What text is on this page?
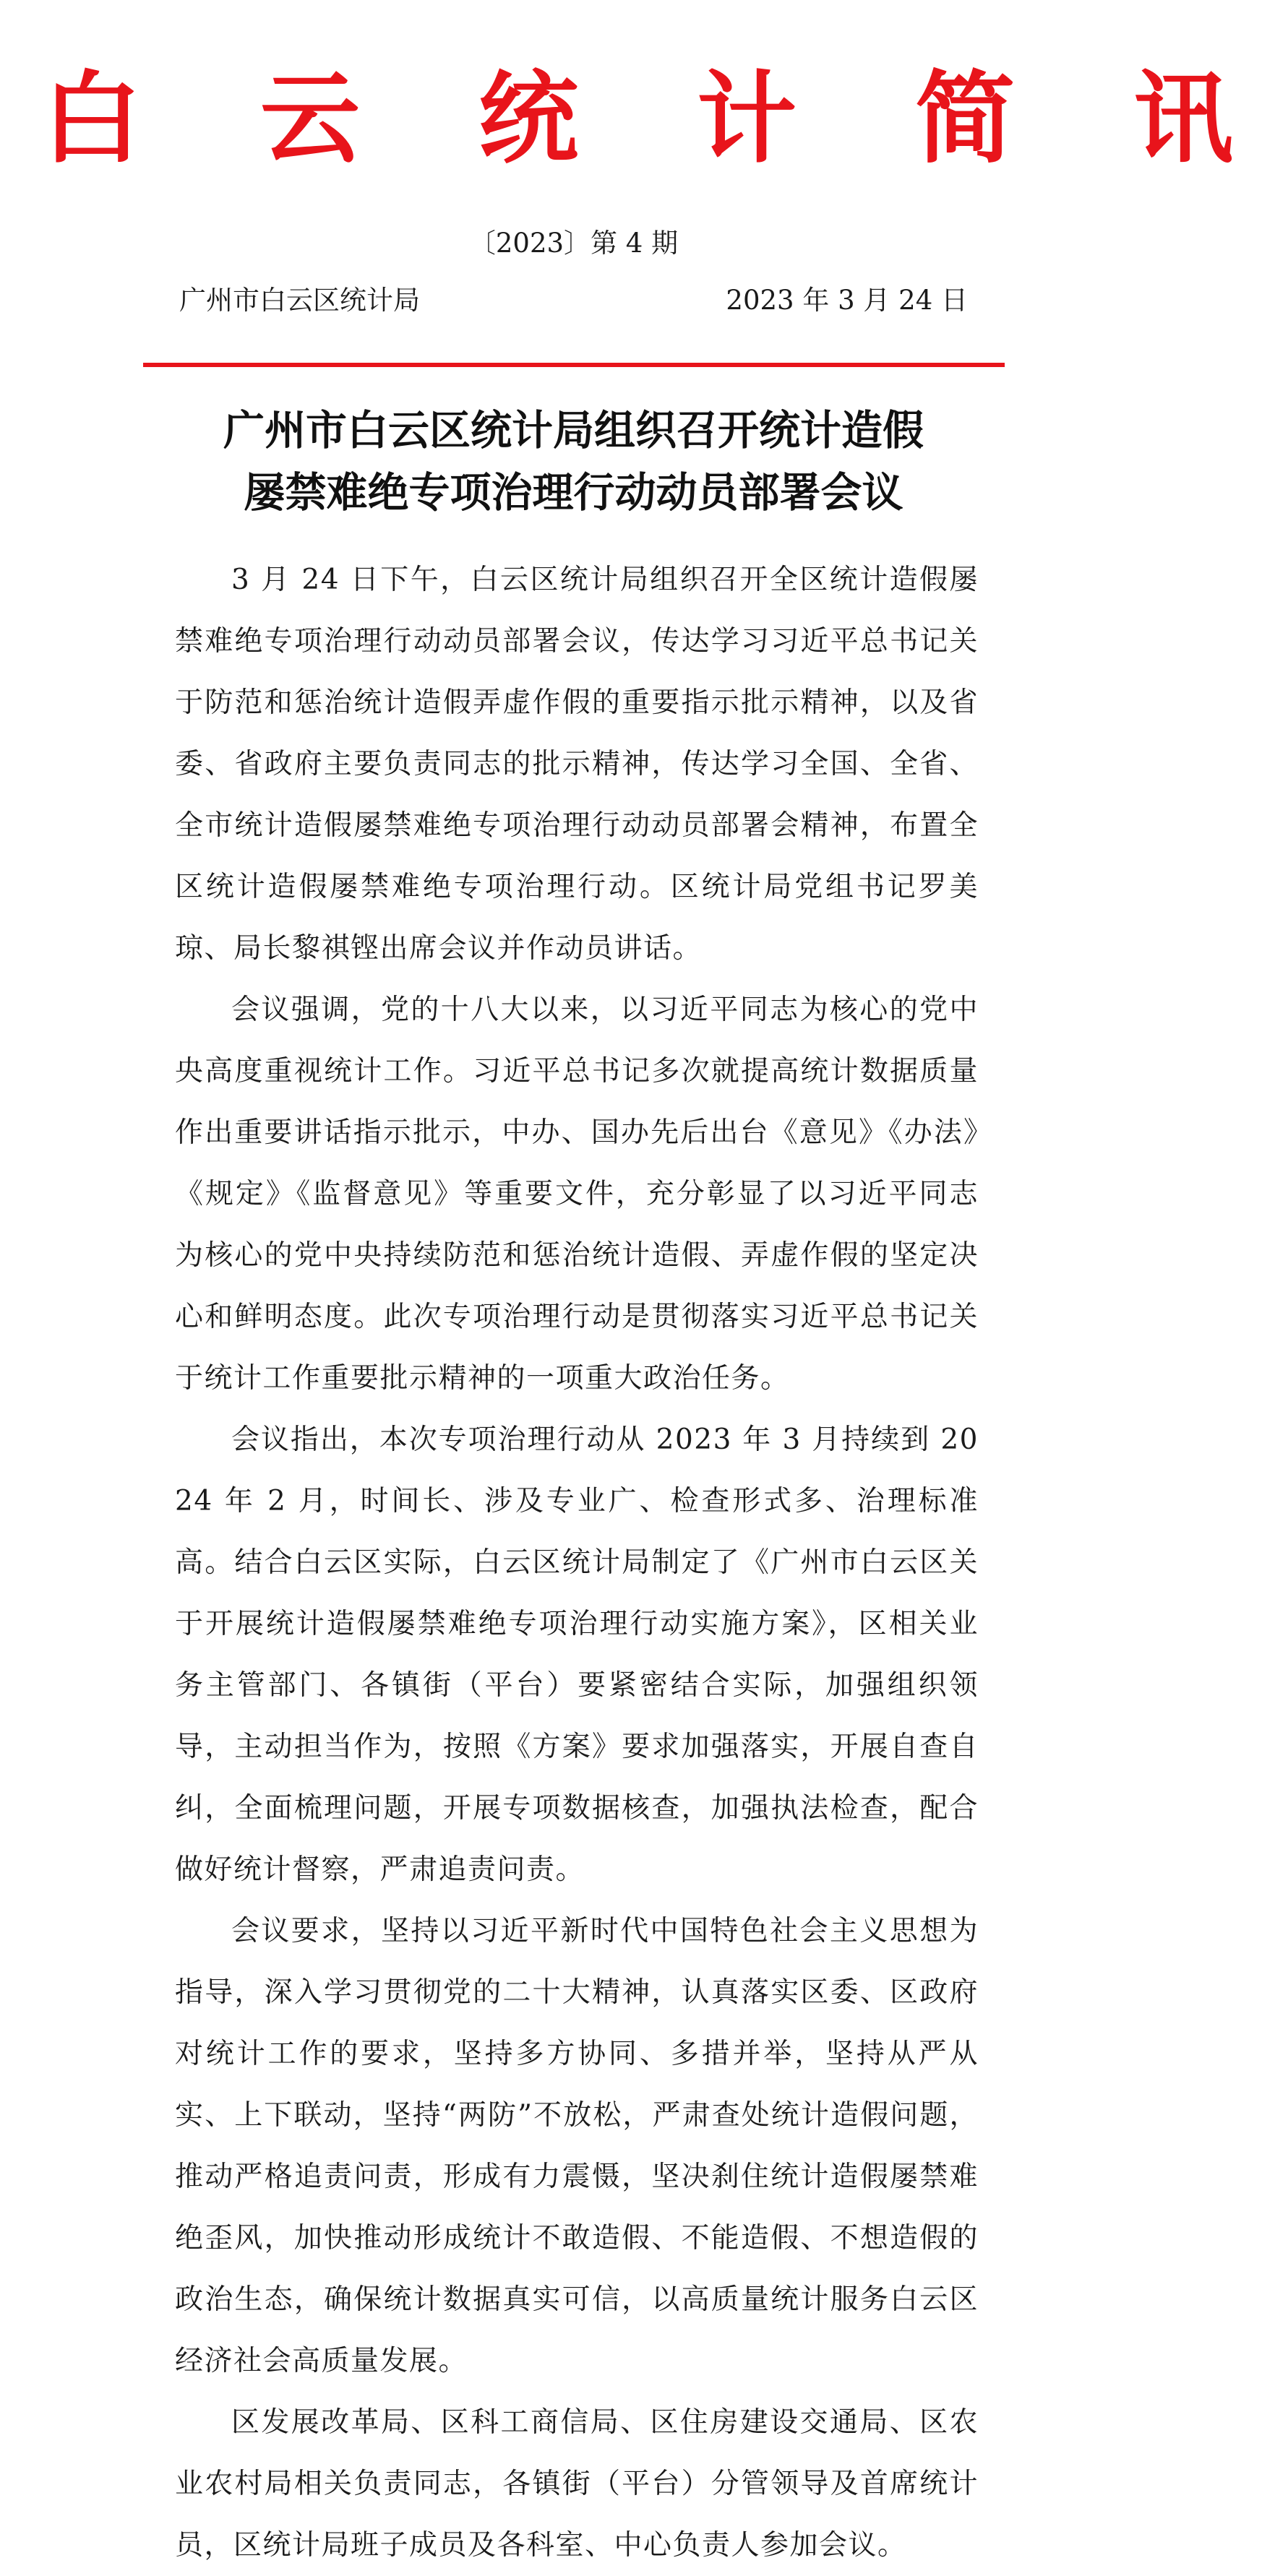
白 云 统 计 简 讯
〔2023〕第 4 期
广州市白云区统计局	2023 年 3 月 24 日
广州市白云区统计局组织召开统计造假
屡禁难绝专项治理行动动员部署会议

3 月 24 日下午，白云区统计局组织召开全区统计造假屡禁难绝专项治理行动动员部署会议，传达学习习近平总书记关于防范和惩治统计造假弄虚作假的重要指示批示精神，以及省委、省政府主要负责同志的批示精神，传达学习全国、全省、全市统计造假屡禁难绝专项治理行动动员部署会精神，布置全区统计造假屡禁难绝专项治理行动。区统计局党组书记罗美琼、局长黎祺铿出席会议并作动员讲话。

会议强调，党的十八大以来，以习近平同志为核心的党中央高度重视统计工作。习近平总书记多次就提高统计数据质量作出重要讲话指示批示，中办、国办先后出台《意见》《办法》《规定》《监督意见》等重要文件，充分彰显了以习近平同志为核心的党中央持续防范和惩治统计造假、弄虚作假的坚定决心和鲜明态度。此次专项治理行动是贯彻落实习近平总书记关于统计工作重要批示精神的一项重大政治任务。

会议指出，本次专项治理行动从 2023 年 3 月持续到 2024 年 2 月，时间长、涉及专业广、检查形式多、治理标准高。结合白云区实际，白云区统计局制定了《广州市白云区关于开展统计造假屡禁难绝专项治理行动实施方案》，区相关业务主管部门、各镇街（平台）要紧密结合实际，加强组织领导，主动担当作为，按照《方案》要求加强落实，开展自查自纠，全面梳理问题，开展专项数据核查，加强执法检查，配合做好统计督察，严肃追责问责。

会议要求，坚持以习近平新时代中国特色社会主义思想为指导，深入学习贯彻党的二十大精神，认真落实区委、区政府对统计工作的要求，坚持多方协同、多措并举，坚持从严从实、上下联动，坚持“两防”不放松，严肃查处统计造假问题，推动严格追责问责，形成有力震慑，坚决刹住统计造假屡禁难绝歪风，加快推动形成统计不敢造假、不能造假、不想造假的政治生态，确保统计数据真实可信，以高质量统计服务白云区经济社会高质量发展。

区发展改革局、区科工商信局、区住房建设交通局、区农业农村局相关负责同志，各镇街（平台）分管领导及首席统计员，区统计局班子成员及各科室、中心负责人参加会议。
